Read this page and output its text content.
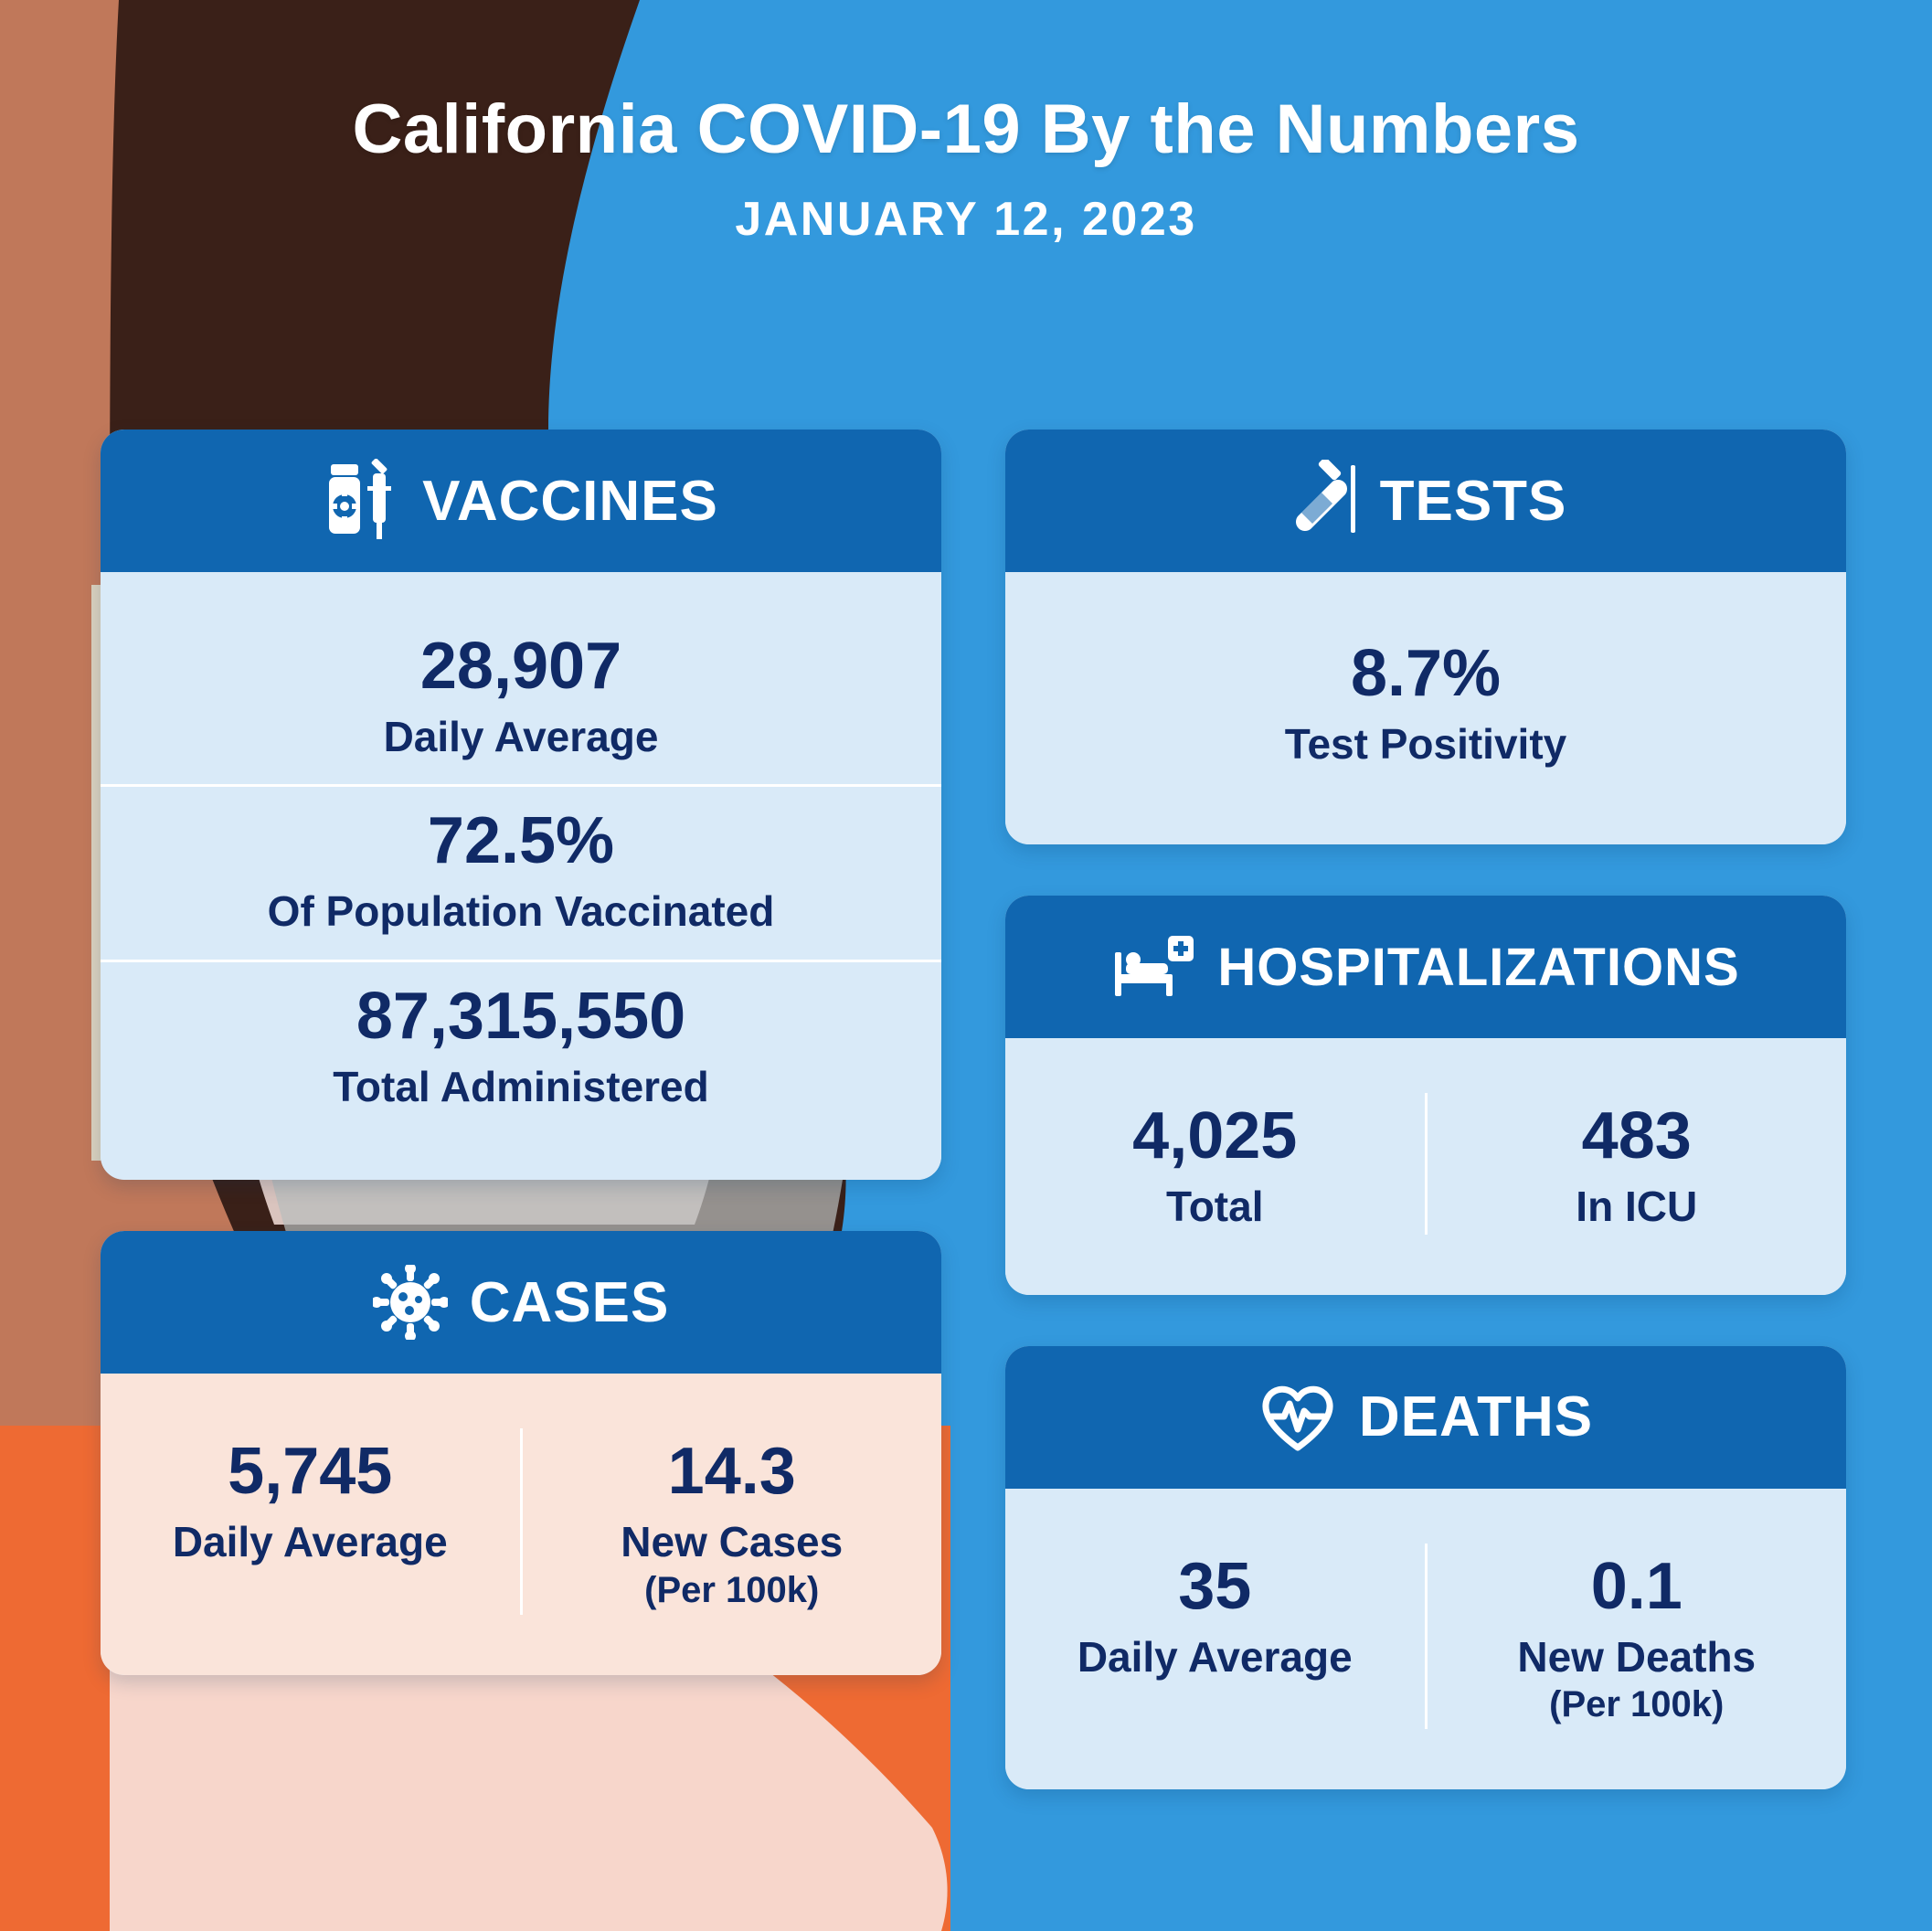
California COVID-19 By the Numbers
JANUARY 12, 2023
VACCINES
28,907
Daily Average
72.5%
Of Population Vaccinated
87,315,550
Total Administered
CASES
5,745
Daily Average
14.3
New Cases
(Per 100k)
TESTS
8.7%
Test Positivity
HOSPITALIZATIONS
4,025
Total
483
In ICU
DEATHS
35
Daily Average
0.1
New Deaths
(Per 100k)
